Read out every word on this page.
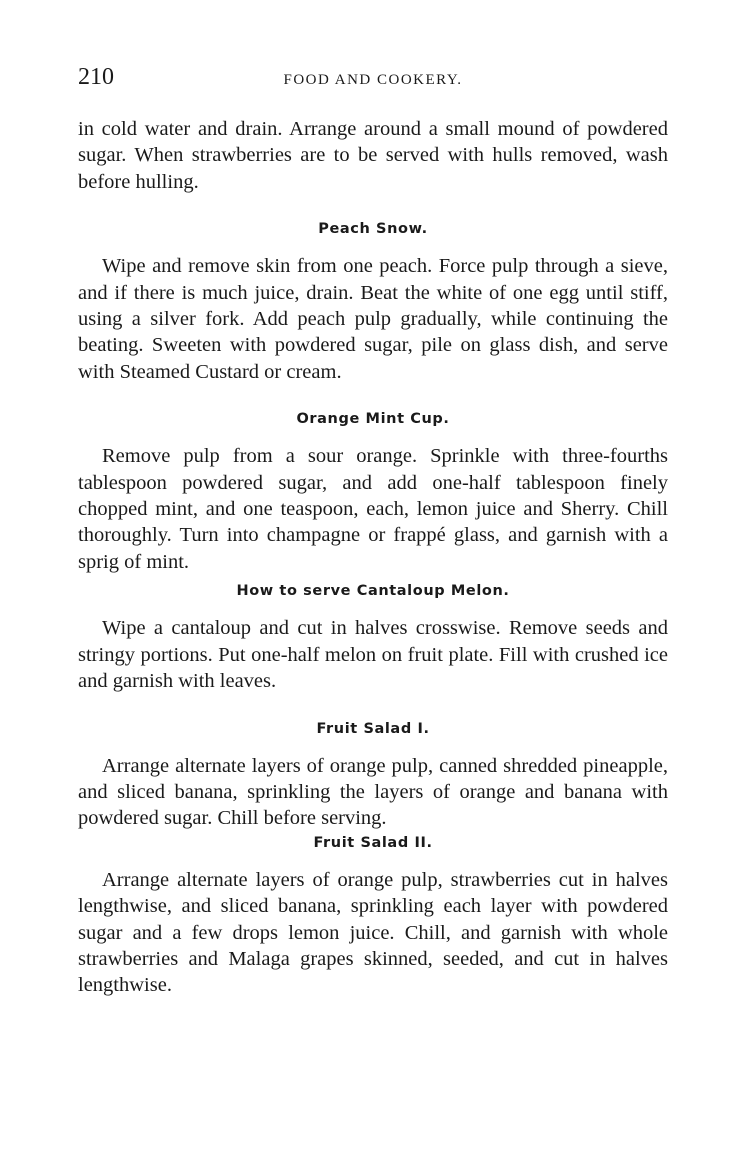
210	FOOD AND COOKERY.

in cold water and drain. Arrange around a small mound of powdered sugar. When strawberries are to be served with hulls removed, wash before hulling.

Peach Snow.

Wipe and remove skin from one peach. Force pulp through a sieve, and if there is much juice, drain. Beat the white of one egg until stiff, using a silver fork. Add peach pulp gradually, while continuing the beating. Sweeten with powdered sugar, pile on glass dish, and serve with Steamed Custard or cream.

Orange Mint Cup.

Remove pulp from a sour orange. Sprinkle with three-fourths tablespoon powdered sugar, and add one-half tablespoon finely chopped mint, and one teaspoon, each, lemon juice and Sherry. Chill thoroughly. Turn into champagne or frappé glass, and garnish with a sprig of mint.

How to serve Cantaloup Melon.

Wipe a cantaloup and cut in halves crosswise. Remove seeds and stringy portions. Put one-half melon on fruit plate. Fill with crushed ice and garnish with leaves.

Fruit Salad I.

Arrange alternate layers of orange pulp, canned shredded pineapple, and sliced banana, sprinkling the layers of orange and banana with powdered sugar. Chill before serving.

Fruit Salad II.

Arrange alternate layers of orange pulp, strawberries cut in halves lengthwise, and sliced banana, sprinkling each layer with powdered sugar and a few drops lemon juice. Chill, and garnish with whole strawberries and Malaga grapes skinned, seeded, and cut in halves lengthwise.
